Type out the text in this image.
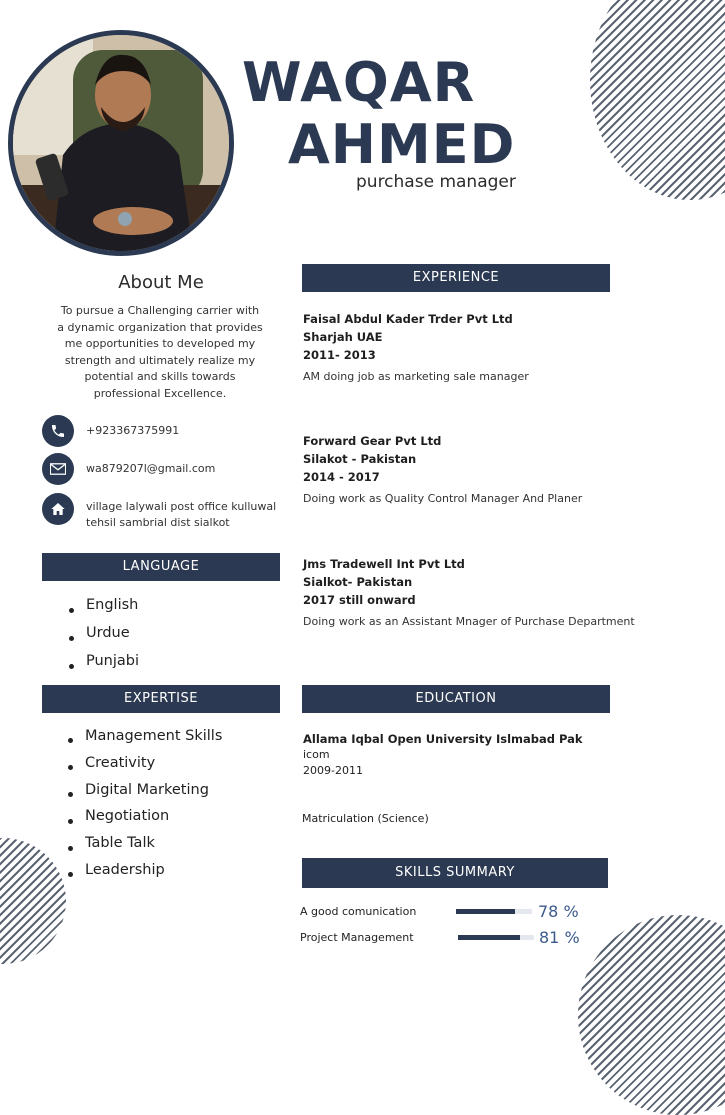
WAQAR
AHMED
purchase manager
About Me
To pursue a Challenging carrier with a dynamic organization that provides me opportunities to developed my strength and ultimately realize my potential and skills towards professional Excellence.
+923367375991
wa879207l@gmail.com
village lalywali post office kulluwal
tehsil sambrial dist sialkot
LANGUAGE
English
Urdue
Punjabi
EXPERTISE
Management Skills
Creativity
Digital Marketing
Negotiation
Table Talk
Leadership
EXPERIENCE
Faisal Abdul Kader Trder Pvt Ltd
Sharjah UAE
2011- 2013
AM doing job as marketing sale manager
Forward Gear Pvt Ltd
Silakot - Pakistan
2014 - 2017
Doing work as Quality Control Manager And Planer
Jms Tradewell Int Pvt Ltd
Sialkot- Pakistan
2017 still onward
Doing work as an Assistant Mnager of Purchase Department
EDUCATION
Allama Iqbal Open University Islmabad Pak
icom
2009-2011
Matriculation (Science)
SKILLS SUMMARY
A good comunication	78 %
Project Management	81 %
